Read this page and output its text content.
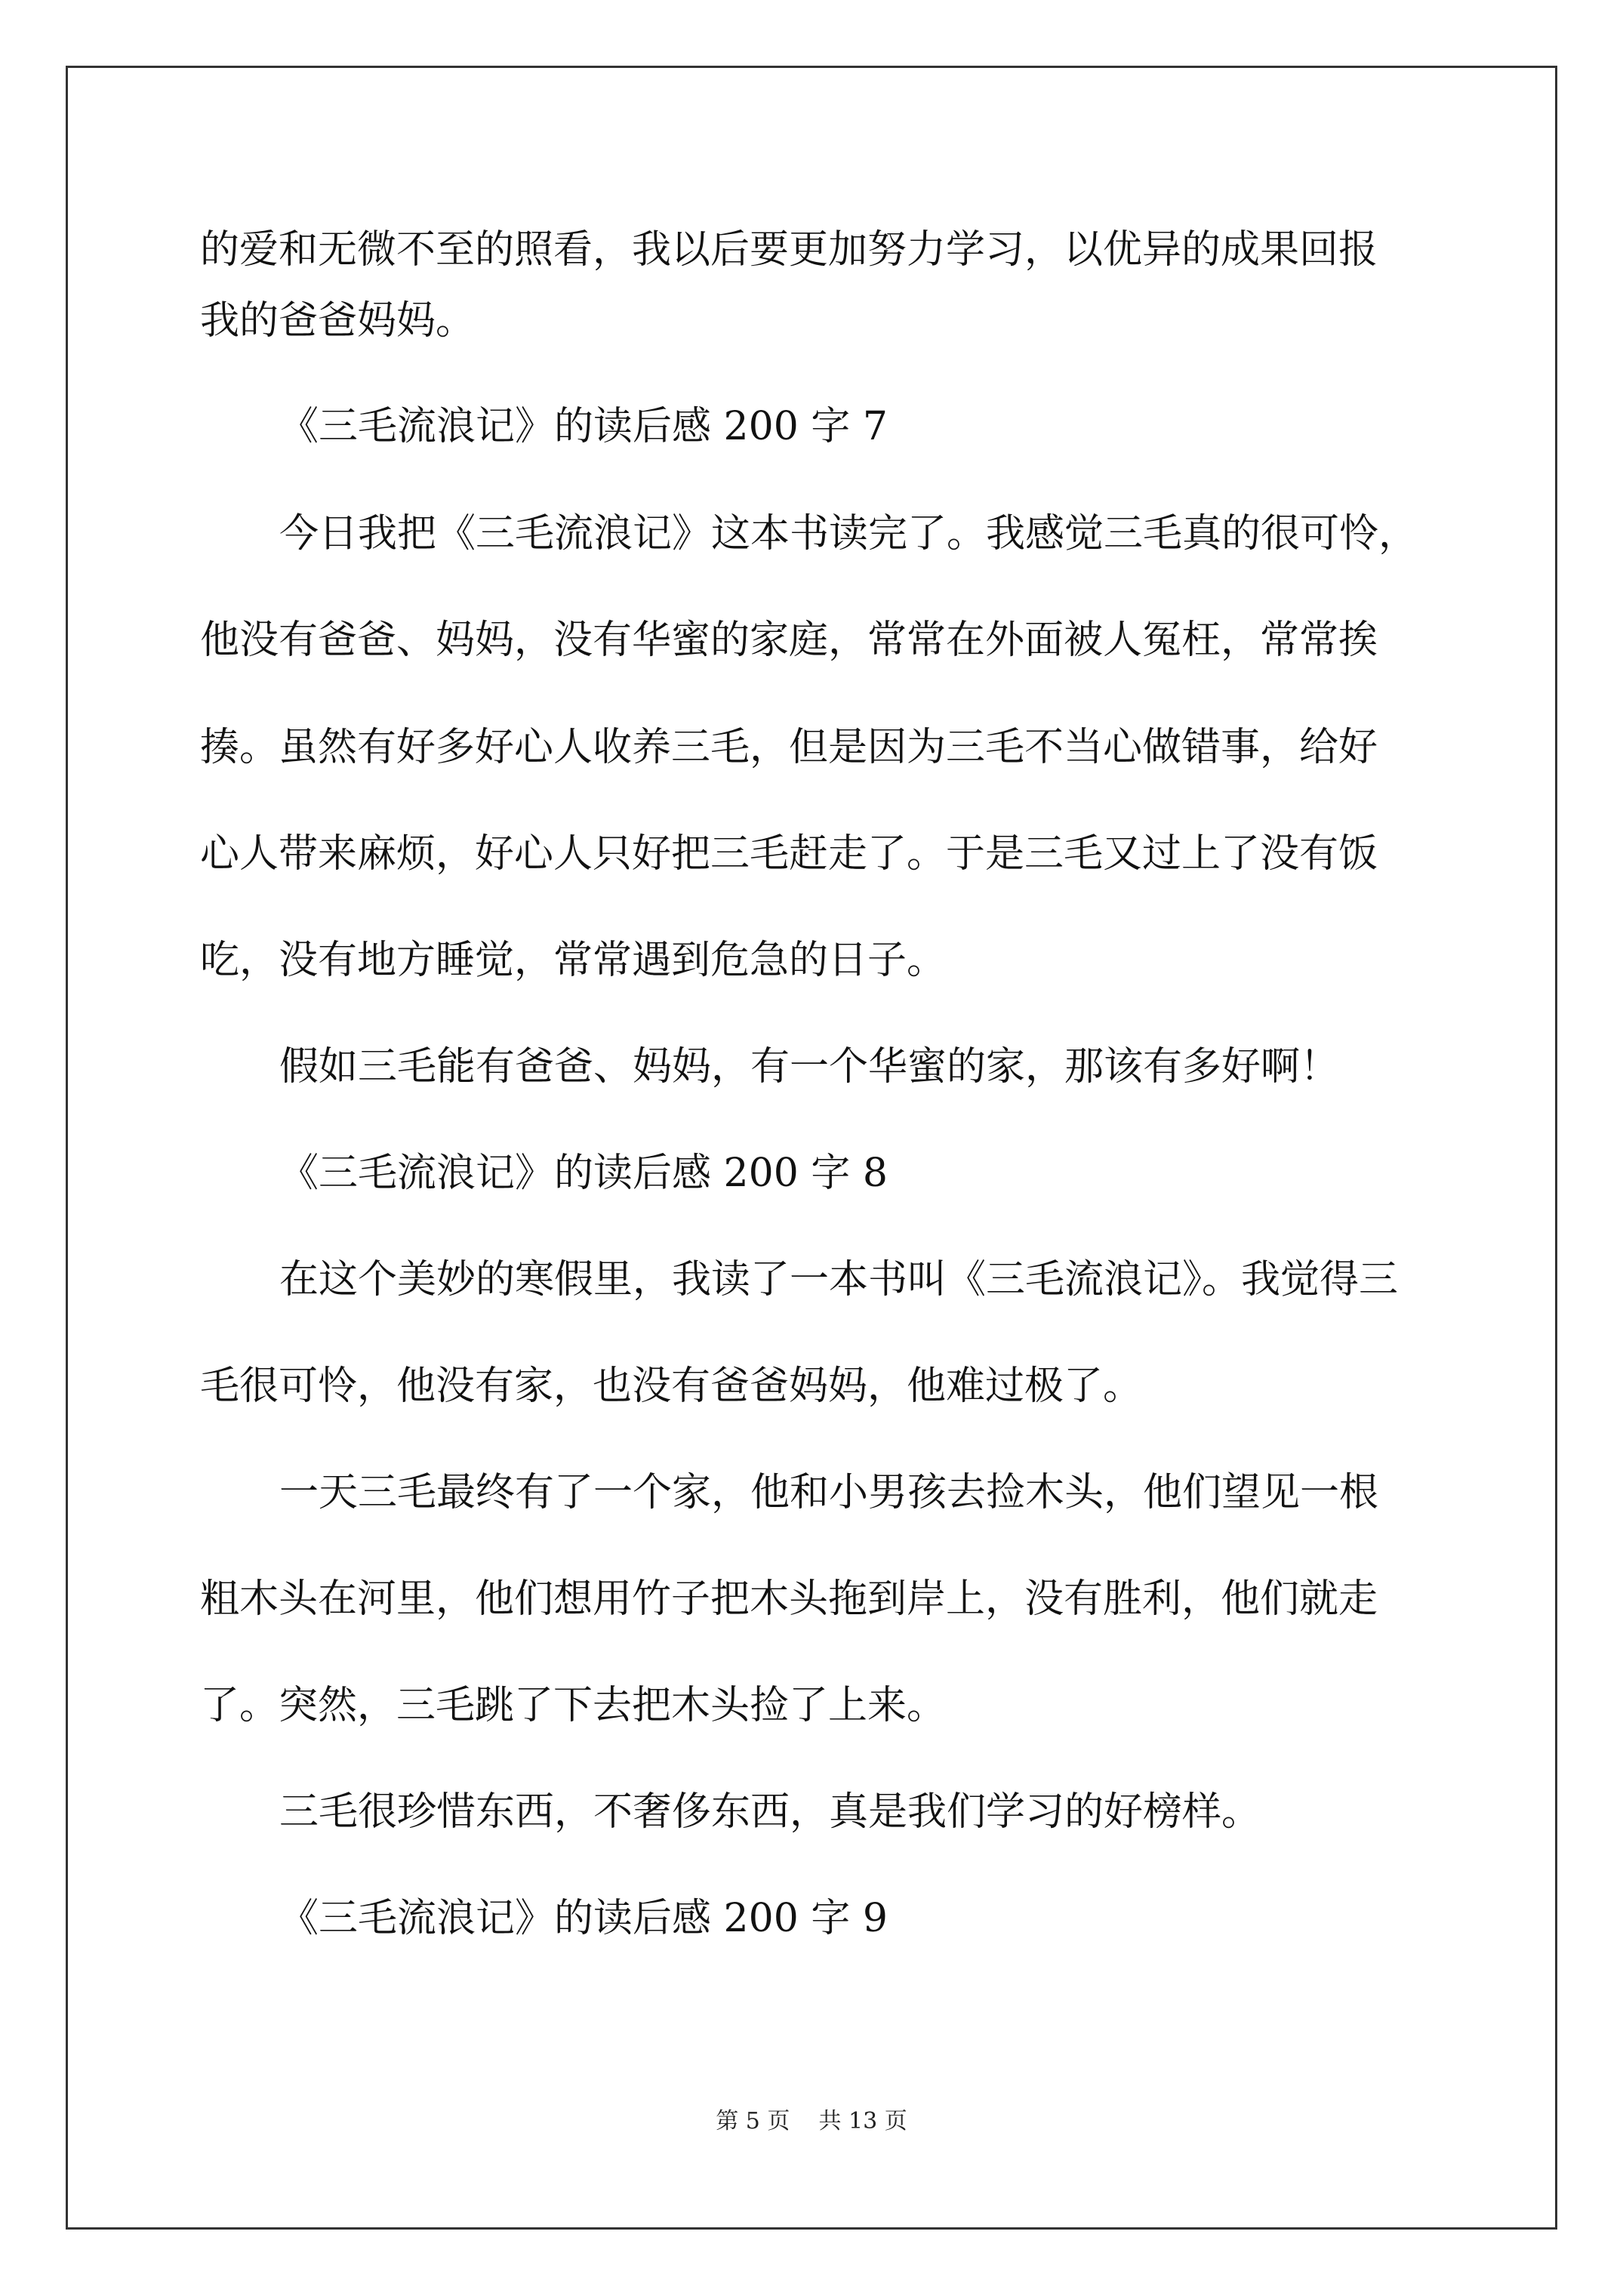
的爱和无微不至的照看，我以后要更加努力学习，以优异的成果回报
我的爸爸妈妈。
《三毛流浪记》的读后感 200 字 7
今日我把《三毛流浪记》这本书读完了。我感觉三毛真的很可怜，
他没有爸爸、妈妈，没有华蜜的家庭，常常在外面被人冤枉，常常挨
揍。虽然有好多好心人收养三毛，但是因为三毛不当心做错事，给好
心人带来麻烦，好心人只好把三毛赶走了。于是三毛又过上了没有饭
吃，没有地方睡觉，常常遇到危急的日子。
假如三毛能有爸爸、妈妈，有一个华蜜的家，那该有多好啊！
《三毛流浪记》的读后感 200 字 8
在这个美妙的寒假里，我读了一本书叫《三毛流浪记》。我觉得三
毛很可怜，他没有家，也没有爸爸妈妈，他难过极了。
一天三毛最终有了一个家，他和小男孩去捡木头，他们望见一根
粗木头在河里，他们想用竹子把木头拖到岸上，没有胜利，他们就走
了。突然，三毛跳了下去把木头捡了上来。
三毛很珍惜东西，不奢侈东西，真是我们学习的好榜样。
《三毛流浪记》的读后感 200 字 9
第 5 页    共 13 页
